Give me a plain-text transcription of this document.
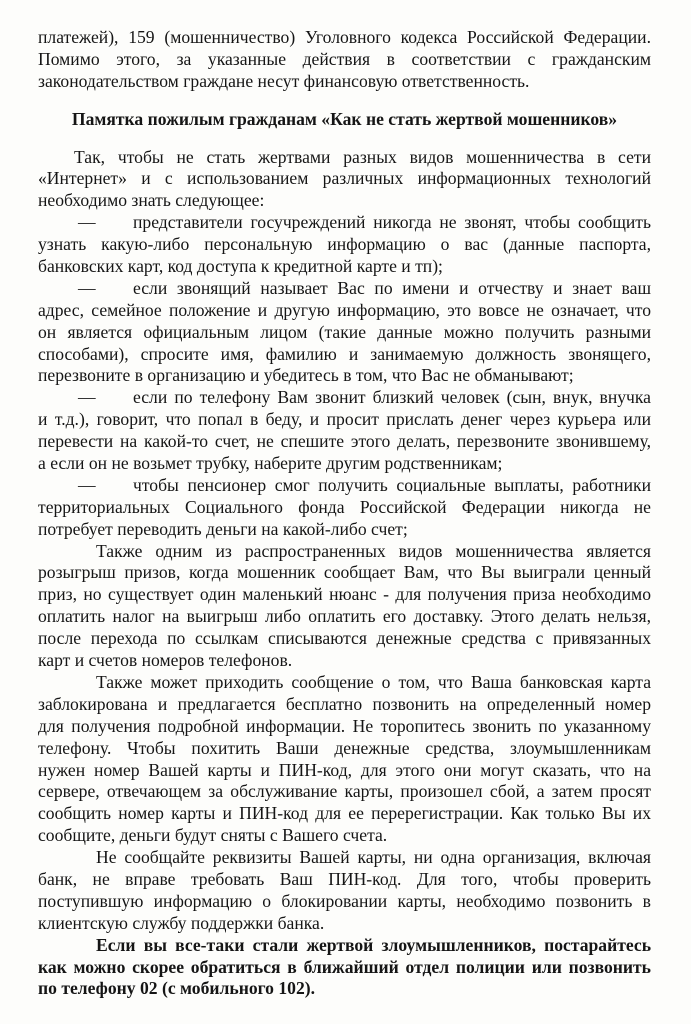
платежей), 159 (мошенничество) Уголовного кодекса Российской Федерации.
Помимо этого, за указанные действия в соответствии с гражданским
законодательством граждане несут финансовую ответственность.
Памятка пожилым гражданам «Как не стать жертвой мошенников»
Так, чтобы не стать жертвами разных видов мошенничества в сети
«Интернет» и с использованием различных информационных технологий
необходимо знать следующее:
— представители госучреждений никогда не звонят, чтобы сообщить
узнать какую-либо персональную информацию о вас (данные паспорта,
банковских карт, код доступа к кредитной карте и тп);
— если звонящий называет Вас по имени и отчеству и знает ваш
адрес, семейное положение и другую информацию, это вовсе не означает, что
он является официальным лицом (такие данные можно получить разными
способами), спросите имя, фамилию и занимаемую должность звонящего,
перезвоните в организацию и убедитесь в том, что Вас не обманывают;
— если по телефону Вам звонит близкий человек (сын, внук, внучка
и т.д.), говорит, что попал в беду, и просит прислать денег через курьера или
перевести на какой-то счет, не спешите этого делать, перезвоните звонившему,
а если он не возьмет трубку, наберите другим родственникам;
— чтобы пенсионер смог получить социальные выплаты, работники
территориальных Социального фонда Российской Федерации никогда не
потребует переводить деньги на какой-либо счет;
Также одним из распространенных видов мошенничества является
розыгрыш призов, когда мошенник сообщает Вам, что Вы выиграли ценный
приз, но существует один маленький нюанс - для получения приза необходимо
оплатить налог на выигрыш либо оплатить его доставку. Этого делать нельзя,
после перехода по ссылкам списываются денежные средства с привязанных
карт и счетов номеров телефонов.
Также может приходить сообщение о том, что Ваша банковская карта
заблокирована и предлагается бесплатно позвонить на определенный номер
для получения подробной информации. Не торопитесь звонить по указанному
телефону. Чтобы похитить Ваши денежные средства, злоумышленникам
нужен номер Вашей карты и ПИН-код, для этого они могут сказать, что на
сервере, отвечающем за обслуживание карты, произошел сбой, а затем просят
сообщить номер карты и ПИН-код для ее перерегистрации. Как только Вы их
сообщите, деньги будут сняты с Вашего счета.
Не сообщайте реквизиты Вашей карты, ни одна организация, включая
банк, не вправе требовать Ваш ПИН-код. Для того, чтобы проверить
поступившую информацию о блокировании карты, необходимо позвонить в
клиентскую службу поддержки банка.
Если вы все-таки стали жертвой злоумышленников, постарайтесь
как можно скорее обратиться в ближайший отдел полиции или позвонить
по телефону 02 (с мобильного 102).
